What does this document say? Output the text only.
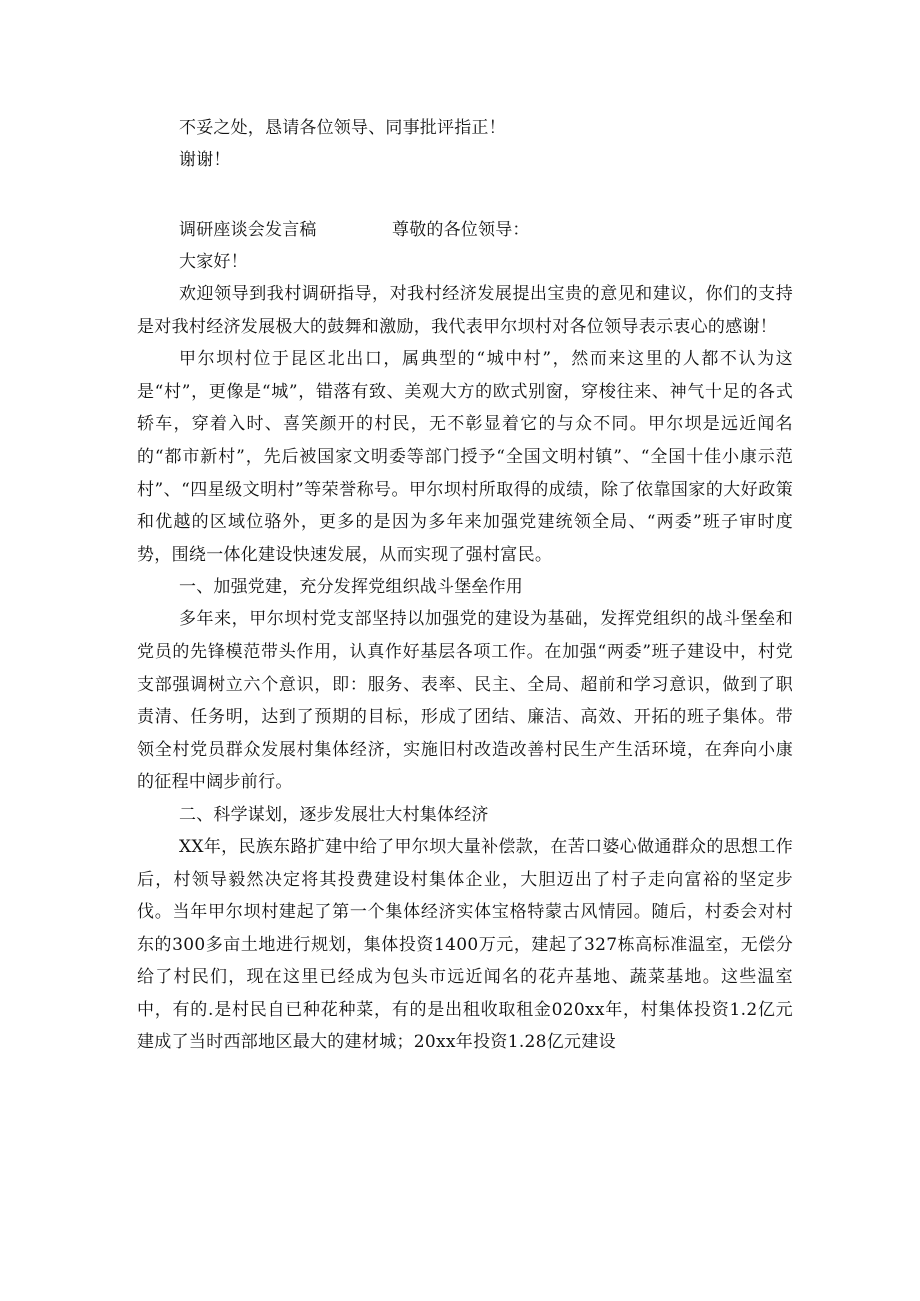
不妥之处，恳请各位领导、同事批评指正！
谢谢！
调研座谈会发言稿	尊敬的各位领导：
大家好！

欢迎领导到我村调研指导，对我村经济发展提出宝贵的意见和建议，你们的支持是对我村经济发展极大的鼓舞和激励，我代表甲尔坝村对各位领导表示衷心的感谢！

甲尔坝村位于昆区北出口，属典型的“城中村”，然而来这里的人都不认为这是“村”，更像是“城”，错落有致、美观大方的欧式别窗，穿梭往来、神气十足的各式轿车，穿着入时、喜笑颜开的村民，无不彰显着它的与众不同。甲尔坝是远近闻名的“都市新村”，先后被国家文明委等部门授予“全国文明村镇”、“全国十佳小康示范村”、“四星级文明村”等荣誉称号。甲尔坝村所取得的成绩，除了依靠国家的大好政策和优越的区域位骆外，更多的是因为多年来加强党建统领全局、“两委”班子审时度势，围绕一体化建设快速发展，从而实现了强村富民。

一、加强党建，充分发挥党组织战斗堡垒作用

多年来，甲尔坝村党支部坚持以加强党的建设为基础，发挥党组织的战斗堡垒和党员的先锋模范带头作用，认真作好基层各项工作。在加强“两委”班子建设中，村党支部强调树立六个意识，即：服务、表率、民主、全局、超前和学习意识，做到了职责清、任务明，达到了预期的目标，形成了团结、廉洁、高效、开拓的班子集体。带领全村党员群众发展村集体经济，实施旧村改造改善村民生产生活环境，在奔向小康的征程中阔步前行。

二、科学谋划，逐步发展壮大村集体经济

XX年，民族东路扩建中给了甲尔坝大量补偿款，在苦口婆心做通群众的思想工作后，村领导毅然决定将其投费建设村集体企业，大胆迈出了村子走向富裕的坚定步伐。当年甲尔坝村建起了第一个集体经济实体宝格特蒙古风情园。随后，村委会对村东的300多亩土地进行规划，集体投资1400万元，建起了327栋高标准温室，无偿分给了村民们，现在这里已经成为包头市远近闻名的花卉基地、蔬菜基地。这些温室中，有的.是村民自已种花种菜，有的是出租收取租金020xx年，村集体投资1.2亿元建成了当时西部地区最大的建材城；20xx年投资1.28亿元建设
